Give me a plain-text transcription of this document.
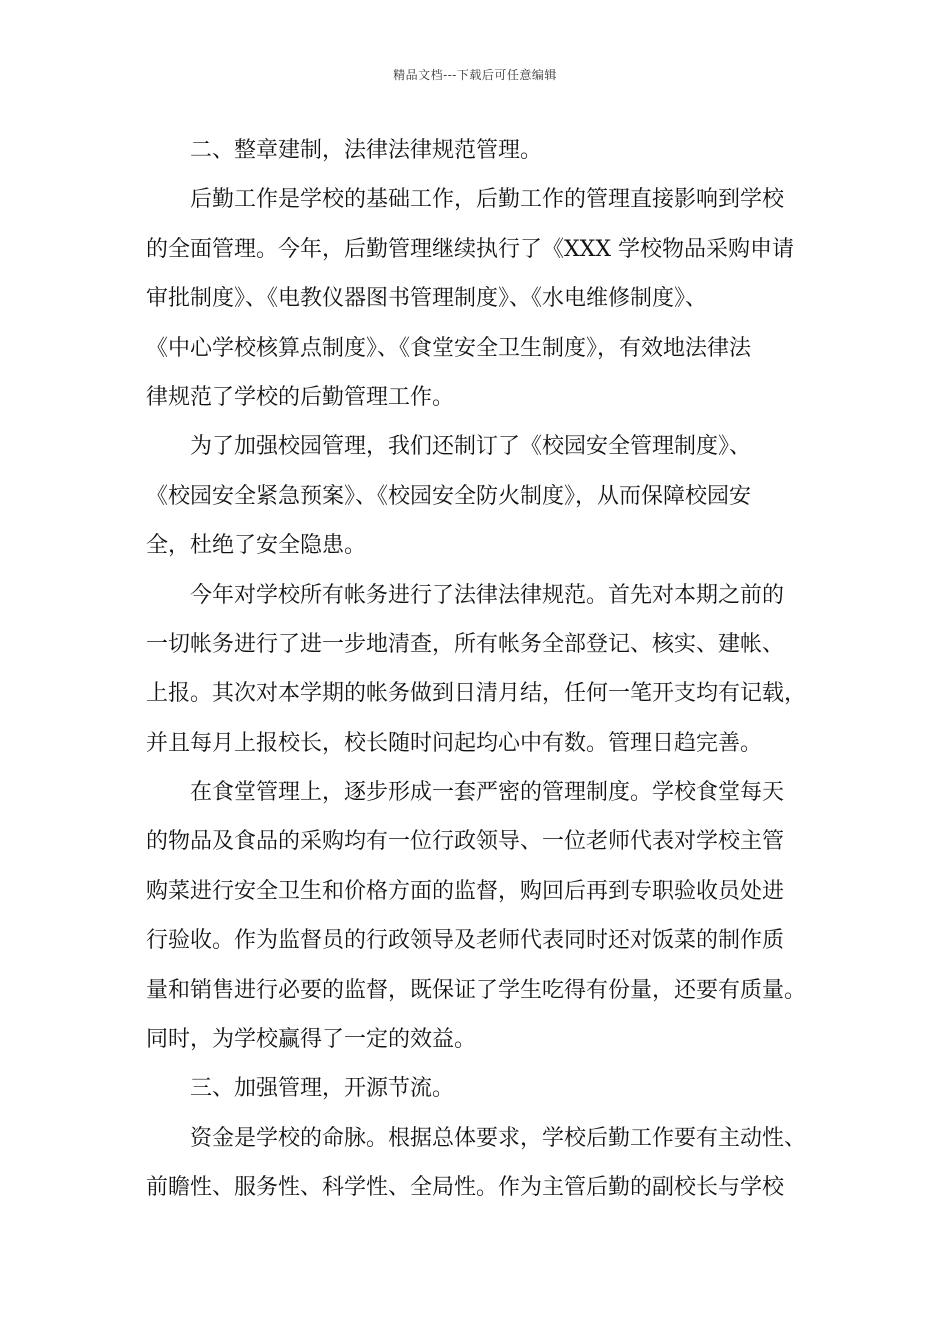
精品文档---下载后可任意编辑
二、整章建制，法律法律规范管理。
后勤工作是学校的基础工作，后勤工作的管理直接影响到学校
的全面管理。今年，后勤管理继续执行了《XXX 学校物品采购申请
审批制度》、《电教仪器图书管理制度》、《水电维修制度》、
《中心学校核算点制度》、《食堂安全卫生制度》，有效地法律法
律规范了学校的后勤管理工作。
为了加强校园管理，我们还制订了《校园安全管理制度》、
《校园安全紧急预案》、《校园安全防火制度》，从而保障校园安
全，杜绝了安全隐患。
今年对学校所有帐务进行了法律法律规范。首先对本期之前的
一切帐务进行了进一步地清查，所有帐务全部登记、核实、建帐、
上报。其次对本学期的帐务做到日清月结，任何一笔开支均有记载，
并且每月上报校长，校长随时问起均心中有数。管理日趋完善。
在食堂管理上，逐步形成一套严密的管理制度。学校食堂每天
的物品及食品的采购均有一位行政领导、一位老师代表对学校主管
购菜进行安全卫生和价格方面的监督，购回后再到专职验收员处进
行验收。作为监督员的行政领导及老师代表同时还对饭菜的制作质
量和销售进行必要的监督，既保证了学生吃得有份量，还要有质量。
同时，为学校赢得了一定的效益。
三、加强管理，开源节流。
资金是学校的命脉。根据总体要求，学校后勤工作要有主动性、
前瞻性、服务性、科学性、全局性。作为主管后勤的副校长与学校
